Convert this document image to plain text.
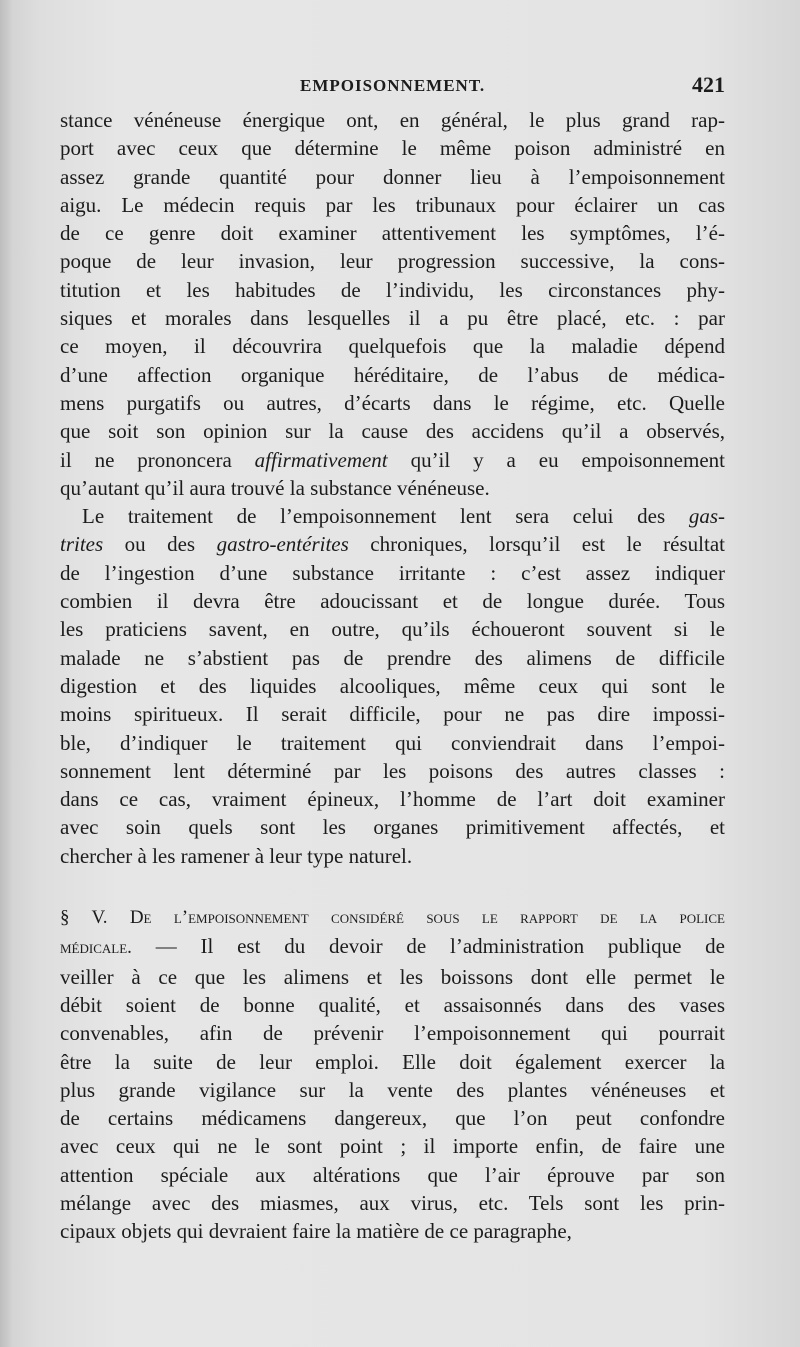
EMPOISONNEMENT.	421
stance vénéneuse énergique ont, en général, le plus grand rap-
port avec ceux que détermine le même poison administré en
assez grande quantité pour donner lieu à l’empoisonnement
aigu. Le médecin requis par les tribunaux pour éclairer un cas
de ce genre doit examiner attentivement les symptômes, l’é-
poque de leur invasion, leur progression successive, la cons-
titution et les habitudes de l’individu, les circonstances phy-
siques et morales dans lesquelles il a pu être placé, etc. : par
ce moyen, il découvrira quelquefois que la maladie dépend
d’une affection organique héréditaire, de l’abus de médica-
mens purgatifs ou autres, d’écarts dans le régime, etc. Quelle
que soit son opinion sur la cause des accidens qu’il a observés,
il ne prononcera affirmativement qu’il y a eu empoisonnement
qu’autant qu’il aura trouvé la substance vénéneuse.
Le traitement de l’empoisonnement lent sera celui des gas-
trites ou des gastro-entérites chroniques, lorsqu’il est le résultat
de l’ingestion d’une substance irritante : c’est assez indiquer
combien il devra être adoucissant et de longue durée. Tous
les praticiens savent, en outre, qu’ils échoueront souvent si le
malade ne s’abstient pas de prendre des alimens de difficile
digestion et des liquides alcooliques, même ceux qui sont le
moins spiritueux. Il serait difficile, pour ne pas dire impossi-
ble, d’indiquer le traitement qui conviendrait dans l’empoi-
sonnement lent déterminé par les poisons des autres classes :
dans ce cas, vraiment épineux, l’homme de l’art doit examiner
avec soin quels sont les organes primitivement affectés, et
chercher à les ramener à leur type naturel.
§ V. De l’empoisonnement considéré sous le rapport de la police
médicale. — Il est du devoir de l’administration publique de
veiller à ce que les alimens et les boissons dont elle permet le
débit soient de bonne qualité, et assaisonnés dans des vases
convenables, afin de prévenir l’empoisonnement qui pourrait
être la suite de leur emploi. Elle doit également exercer la
plus grande vigilance sur la vente des plantes vénéneuses et
de certains médicamens dangereux, que l’on peut confondre
avec ceux qui ne le sont point ; il importe enfin, de faire une
attention spéciale aux altérations que l’air éprouve par son
mélange avec des miasmes, aux virus, etc. Tels sont les prin-
cipaux objets qui devraient faire la matière de ce paragraphe,
